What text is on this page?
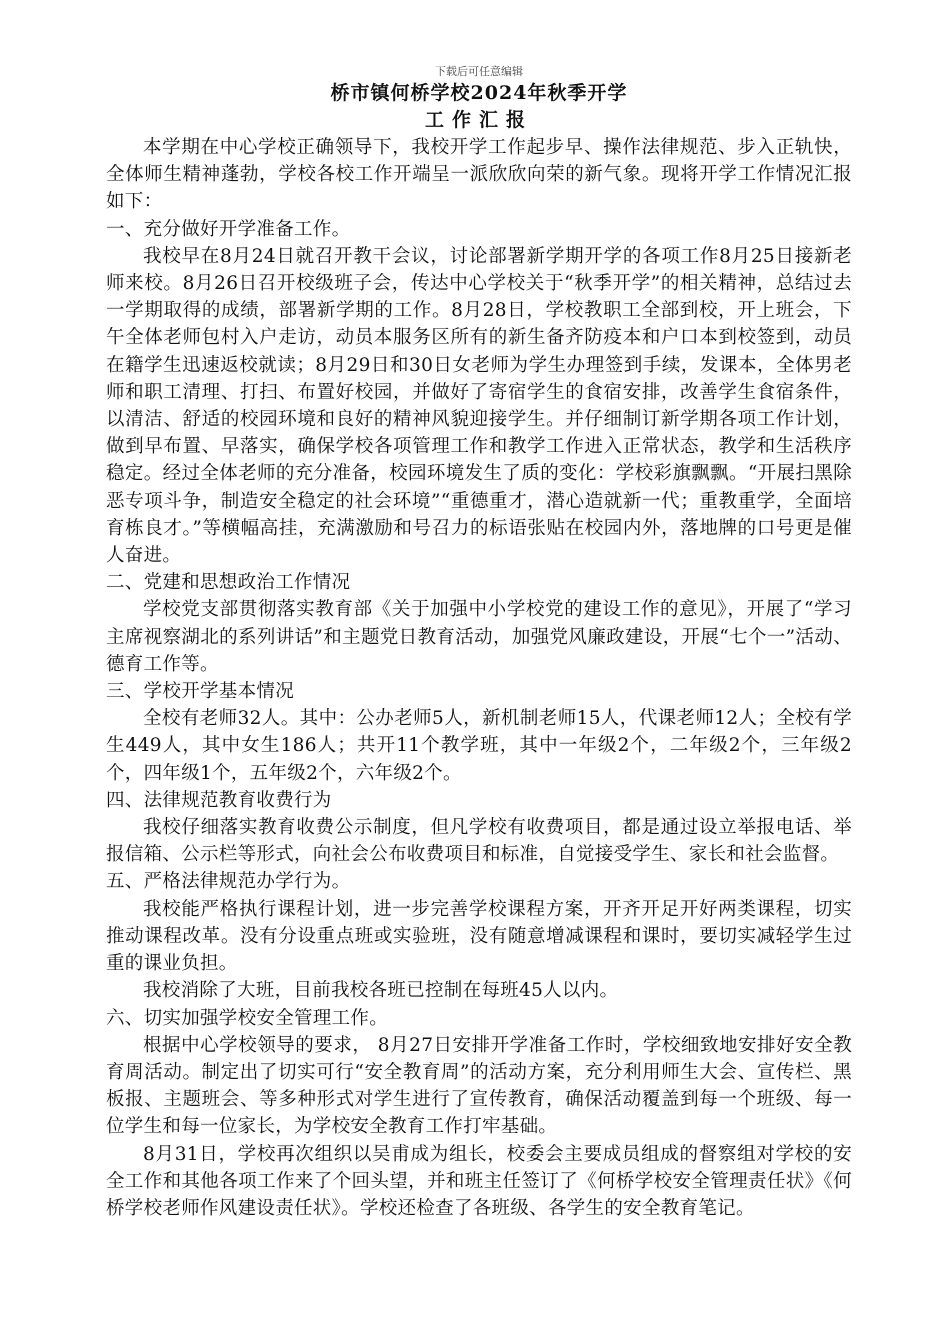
下载后可任意编辑
桥市镇何桥学校2024年秋季开学
工作汇报

本学期在中心学校正确领导下，我校开学工作起步早、操作法律规范、步入正轨快，全体师生精神蓬勃，学校各校工作开端呈一派欣欣向荣的新气象。现将开学工作情况汇报如下：

一、充分做好开学准备工作。

我校早在8月24日就召开教干会议，讨论部署新学期开学的各项工作8月25日接新老师来校。8月26日召开校级班子会，传达中心学校关于“秋季开学”的相关精神，总结过去一学期取得的成绩，部署新学期的工作。8月28日，学校教职工全部到校，开上班会，下午全体老师包村入户走访，动员本服务区所有的新生备齐防疫本和户口本到校签到，动员在籍学生迅速返校就读；8月29日和30日女老师为学生办理签到手续，发课本，全体男老师和职工清理、打扫、布置好校园，并做好了寄宿学生的食宿安排，改善学生食宿条件，以清洁、舒适的校园环境和良好的精神风貌迎接学生。并仔细制订新学期各项工作计划，做到早布置、早落实，确保学校各项管理工作和教学工作进入正常状态，教学和生活秩序稳定。经过全体老师的充分准备，校园环境发生了质的变化：学校彩旗飘飘。“开展扫黑除恶专项斗争，制造安全稳定的社会环境”“重德重才，潜心造就新一代；重教重学，全面培育栋良才。”等横幅高挂，充满激励和号召力的标语张贴在校园内外，落地牌的口号更是催人奋进。

二、党建和思想政治工作情况

学校党支部贯彻落实教育部《关于加强中小学校党的建设工作的意见》，开展了“学习主席视察湖北的系列讲话”和主题党日教育活动，加强党风廉政建设，开展“七个一”活动、德育工作等。

三、学校开学基本情况

全校有老师32人。其中：公办老师5人，新机制老师15人，代课老师12人；全校有学生449人，其中女生186人；共开11个教学班，其中一年级2个，二年级2个，三年级2个，四年级1个，五年级2个，六年级2个。

四、法律规范教育收费行为

我校仔细落实教育收费公示制度，但凡学校有收费项目，都是通过设立举报电话、举报信箱、公示栏等形式，向社会公布收费项目和标准，自觉接受学生、家长和社会监督。

五、严格法律规范办学行为。

我校能严格执行课程计划，进一步完善学校课程方案，开齐开足开好两类课程，切实推动课程改革。没有分设重点班或实验班，没有随意增减课程和课时，要切实减轻学生过重的课业负担。

我校消除了大班，目前我校各班已控制在每班45人以内。

六、切实加强学校安全管理工作。

根据中心学校领导的要求， 8月27日安排开学准备工作时，学校细致地安排好安全教育周活动。制定出了切实可行“安全教育周”的活动方案，充分利用师生大会、宣传栏、黑板报、主题班会、等多种形式对学生进行了宣传教育，确保活动覆盖到每一个班级、每一位学生和每一位家长，为学校安全教育工作打牢基础。

8月31日，学校再次组织以吴甫成为组长，校委会主要成员组成的督察组对学校的安全工作和其他各项工作来了个回头望，并和班主任签订了《何桥学校安全管理责任状》《何桥学校老师作风建设责任状》。学校还检查了各班级、各学生的安全教育笔记。
